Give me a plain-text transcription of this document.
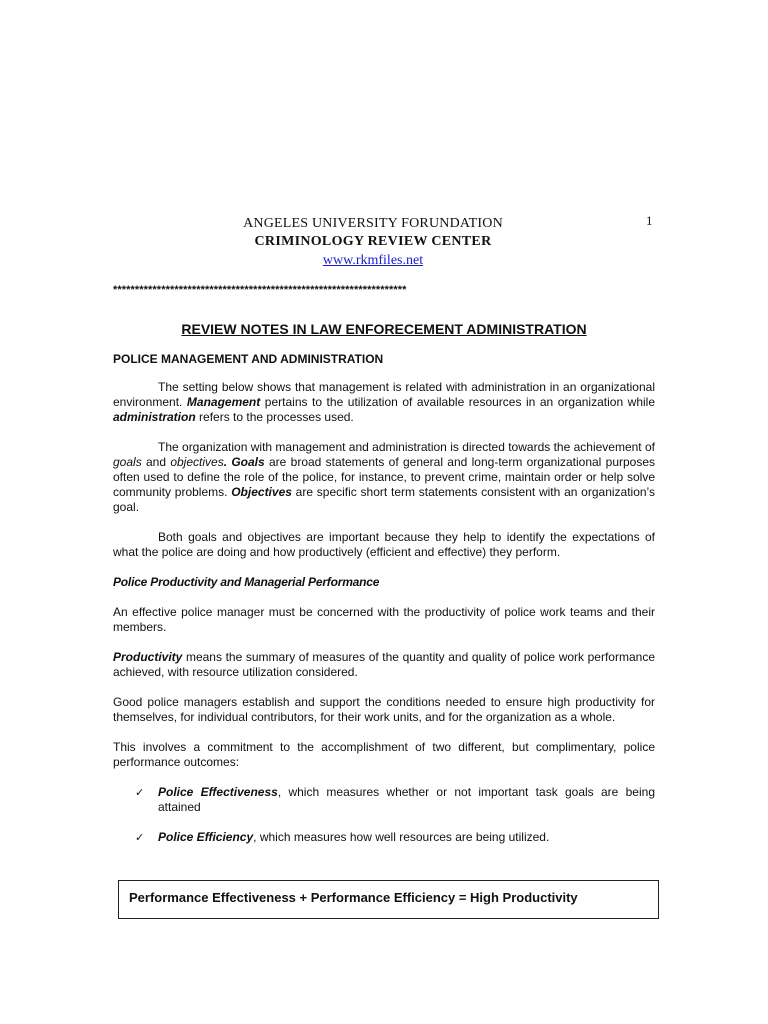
1
ANGELES UNIVERSITY FORUNDATION
CRIMINOLOGY REVIEW CENTER
www.rkmfiles.net
*******************************************************************
REVIEW NOTES IN LAW ENFORECEMENT ADMINISTRATION
POLICE MANAGEMENT AND ADMINISTRATION

The setting below shows that management is related with administration in an organizational environment. Management pertains to the utilization of available resources in an organization while administration refers to the processes used.

The organization with management and administration is directed towards the achievement of goals and objectives. Goals are broad statements of general and long-term organizational purposes often used to define the role of the police, for instance, to prevent crime, maintain order or help solve community problems. Objectives are specific short term statements consistent with an organization’s goal.

Both goals and objectives are important because they help to identify the expectations of what the police are doing and how productively (efficient and effective) they perform.

Police Productivity and Managerial Performance

An effective police manager must be concerned with the productivity of police work teams and their members.

Productivity means the summary of measures of the quantity and quality of police work performance achieved, with resource utilization considered.

Good police managers establish and support the conditions needed to ensure high productivity for themselves, for individual contributors, for their work units, and for the organization as a whole.

This involves a commitment to the accomplishment of two different, but complimentary, police performance outcomes:

✓ Police Effectiveness, which measures whether or not important task goals are being attained
✓ Police Efficiency, which measures how well resources are being utilized.
Performance Effectiveness + Performance Efficiency = High Productivity
